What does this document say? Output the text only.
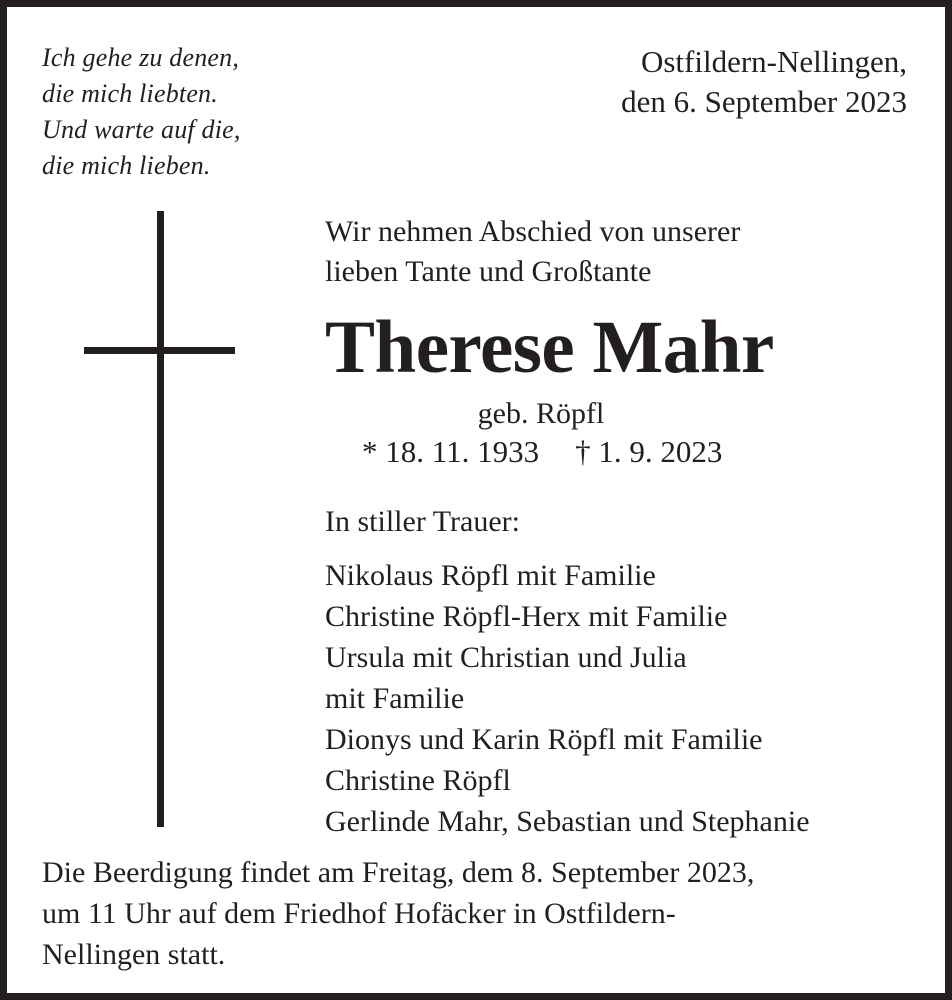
Ich gehe zu denen,
die mich liebten.
Und warte auf die,
die mich lieben.
Ostfildern-Nellingen,
den 6. September 2023
Wir nehmen Abschied von unserer
lieben Tante und Großtante
Therese Mahr
geb. Röpfl
* 18. 11. 1933 † 1. 9. 2023
In stiller Trauer:
Nikolaus Röpfl mit Familie
Christine Röpfl-Herx mit Familie
Ursula mit Christian und Julia
mit Familie
Dionys und Karin Röpfl mit Familie
Christine Röpfl
Gerlinde Mahr, Sebastian und Stephanie
Die Beerdigung findet am Freitag, dem 8. September 2023,
um 11 Uhr auf dem Friedhof Hofäcker in Ostfildern-
Nellingen statt.
